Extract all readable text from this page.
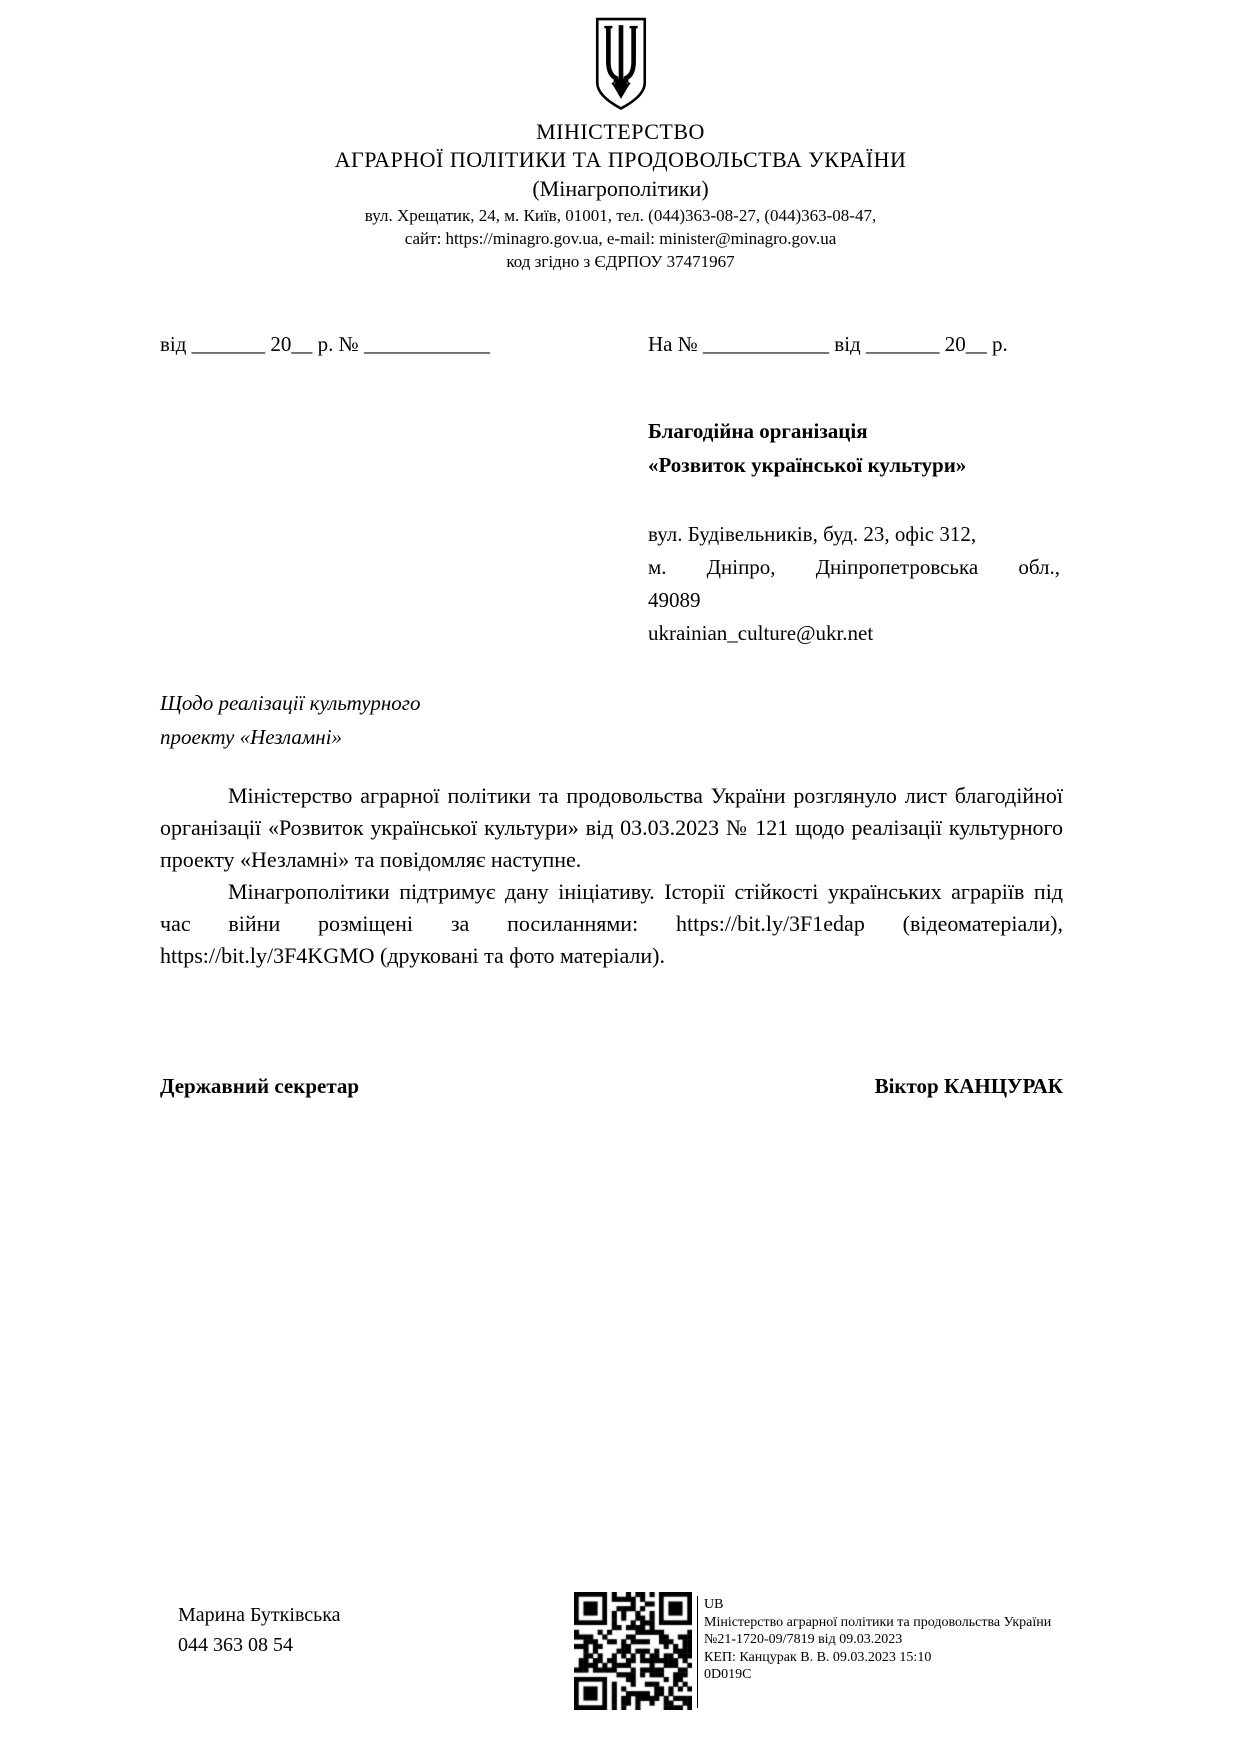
МІНІСТЕРСТВО
АГРАРНОЇ ПОЛІТИКИ ТА ПРОДОВОЛЬСТВА УКРАЇНИ
(Мінагрополітики)
вул. Хрещатик, 24, м. Київ, 01001, тел. (044)363-08-27, (044)363-08-47,
сайт: https://minagro.gov.ua, e-mail: minister@minagro.gov.ua
код згідно з ЄДРПОУ 37471967
від _______ 20__ р. № ____________	На № ____________ від _______ 20__ р.
Благодійна організація
«Розвиток української культури»
вул. Будівельників, буд. 23, офіс 312,
м. Дніпро, Дніпропетровська обл.,
49089
ukrainian_culture@ukr.net
Щодо реалізації культурного
проекту «Незламні»

Міністерство аграрної політики та продовольства України розглянуло лист благодійної організації «Розвиток української культури» від 03.03.2023 № 121 щодо реалізації культурного проекту «Незламні» та повідомляє наступне.

Мінагрополітики підтримує дану ініціативу. Історії стійкості українських аграріїв під час війни розміщені за посиланнями: https://bit.ly/3F1edap (відеоматеріали), https://bit.ly/3F4KGMO (друковані та фото матеріали).

Державний секретар	Віктор КАНЦУРАК
Марина Бутківська
044 363 08 54
UB
Міністерство аграрної політики та продовольства України
№21-1720-09/7819 від 09.03.2023
КЕП: Канцурак В. В. 09.03.2023 15:10
0D019C
